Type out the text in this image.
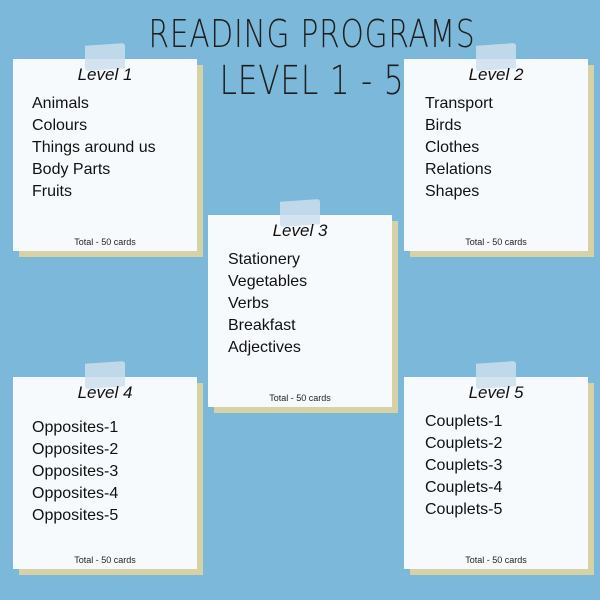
READING PROGRAMS
LEVEL 1 - 5
Level 1
Animals
Colours
Things around us
Body Parts
Fruits
Total - 50 cards
Level 2
Transport
Birds
Clothes
Relations
Shapes
Total - 50 cards
Level 3
Stationery
Vegetables
Verbs
Breakfast
Adjectives
Total - 50 cards
Level 4
Opposites-1
Opposites-2
Opposites-3
Opposites-4
Opposites-5
Total - 50 cards
Level 5
Couplets-1
Couplets-2
Couplets-3
Couplets-4
Couplets-5
Total - 50 cards
